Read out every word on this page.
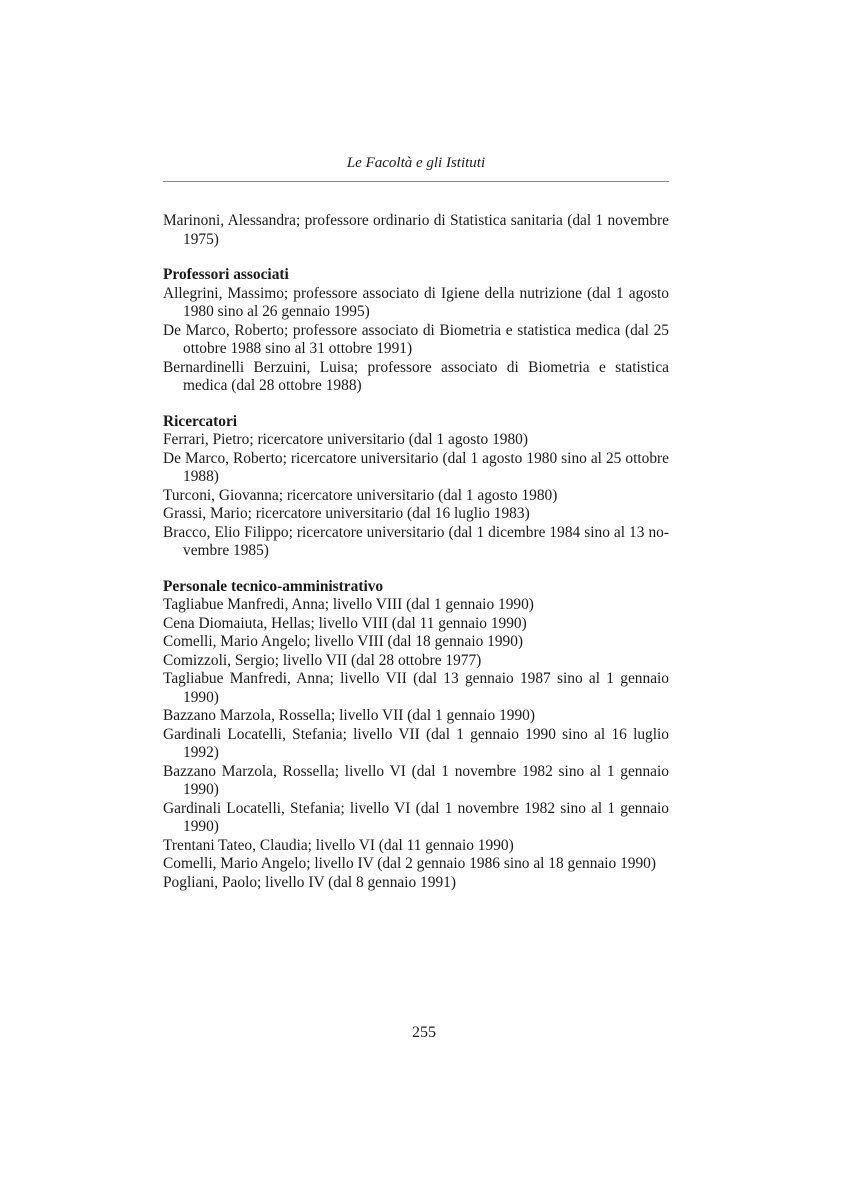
Le Facoltà e gli Istituti

Marinoni, Alessandra; professore ordinario di Statistica sanitaria (dal 1 novembre 1975)

Professori associati

Allegrini, Massimo; professore associato di Igiene della nutrizione (dal 1 agosto 1980 sino al 26 gennaio 1995)

De Marco, Roberto; professore associato di Biometria e statistica medica (dal 25 ottobre 1988 sino al 31 ottobre 1991)

Bernardinelli Berzuini, Luisa; professore associato di Biometria e statistica medica (dal 28 ottobre 1988)

Ricercatori

Ferrari, Pietro; ricercatore universitario (dal 1 agosto 1980)

De Marco, Roberto; ricercatore universitario (dal 1 agosto 1980 sino al 25 ottobre 1988)

Turconi, Giovanna; ricercatore universitario (dal 1 agosto 1980)

Grassi, Mario; ricercatore universitario (dal 16 luglio 1983)

Bracco, Elio Filippo; ricercatore universitario (dal 1 dicembre 1984 sino al 13 novembre 1985)

Personale tecnico-amministrativo

Tagliabue Manfredi, Anna; livello VIII (dal 1 gennaio 1990)

Cena Diomaiuta, Hellas; livello VIII (dal 11 gennaio 1990)

Comelli, Mario Angelo; livello VIII (dal 18 gennaio 1990)

Comizzoli, Sergio; livello VII (dal 28 ottobre 1977)

Tagliabue Manfredi, Anna; livello VII (dal 13 gennaio 1987 sino al 1 gennaio 1990)

Bazzano Marzola, Rossella; livello VII (dal 1 gennaio 1990)

Gardinali Locatelli, Stefania; livello VII (dal 1 gennaio 1990 sino al 16 luglio 1992)

Bazzano Marzola, Rossella; livello VI (dal 1 novembre 1982 sino al 1 gennaio 1990)

Gardinali Locatelli, Stefania; livello VI (dal 1 novembre 1982 sino al 1 gennaio 1990)

Trentani Tateo, Claudia; livello VI (dal 11 gennaio 1990)

Comelli, Mario Angelo; livello IV (dal 2 gennaio 1986 sino al 18 gennaio 1990)

Pogliani, Paolo; livello IV (dal 8 gennaio 1991)

255
